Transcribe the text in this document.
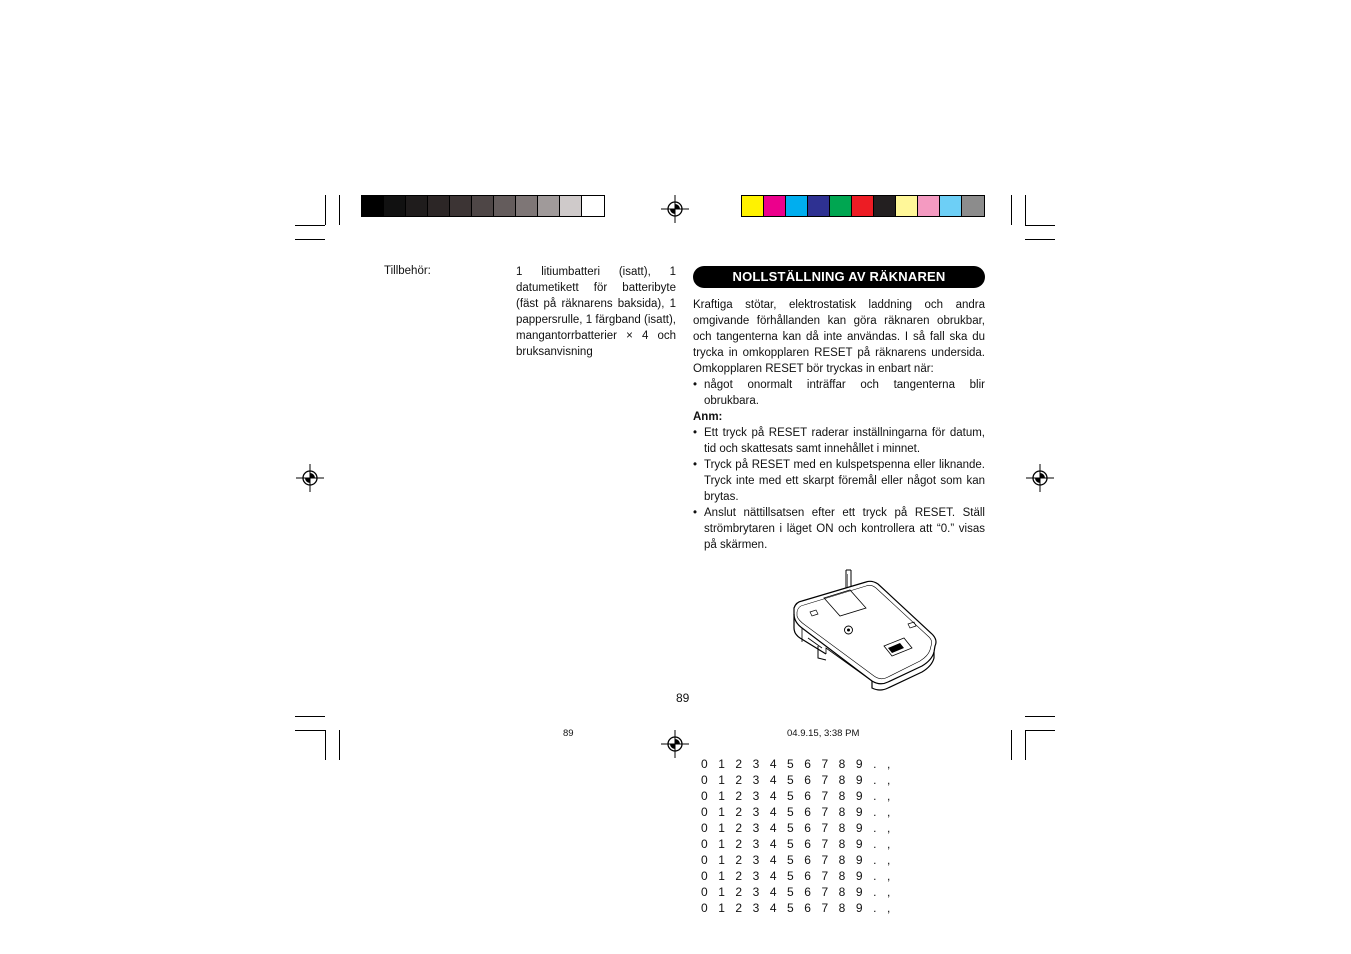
Tillbehör:	1 litiumbatteri (isatt), 1 datumetikett för batteribyte (fäst på räknarens baksida), 1 pappersrulle, 1 färgband (isatt), mangantorrbatterier × 4 och bruksanvisning
NOLLSTÄLLNING AV RÄKNAREN

Kraftiga stötar, elektrostatisk laddning och andra omgivande förhållanden kan göra räknaren obrukbar, och tangenterna kan då inte användas. I så fall ska du trycka in omkopplaren RESET på räknarens undersida. Omkopplaren RESET bör tryckas in enbart när:

• något onormalt inträffar och tangenterna blir obrukbara.
Anm:
• Ett tryck på RESET raderar inställningarna för datum, tid och skattesats samt innehållet i minnet.
• Tryck på RESET med en kulspetspenna eller liknande. Tryck inte med ett skarpt föremål eller något som kan brytas.
• Anslut nättillsatsen efter ett tryck på RESET. Ställ strömbrytaren i läget ON och kontrollera att “0.” visas på skärmen.
89
89	04.9.15, 3:38 PM
0 1 2 3 4 5 6 7 8 9 . ,
0 1 2 3 4 5 6 7 8 9 . ,
0 1 2 3 4 5 6 7 8 9 . ,
0 1 2 3 4 5 6 7 8 9 . ,
0 1 2 3 4 5 6 7 8 9 . ,
0 1 2 3 4 5 6 7 8 9 . ,
0 1 2 3 4 5 6 7 8 9 . ,
0 1 2 3 4 5 6 7 8 9 . ,
0 1 2 3 4 5 6 7 8 9 . ,
0 1 2 3 4 5 6 7 8 9 . ,
